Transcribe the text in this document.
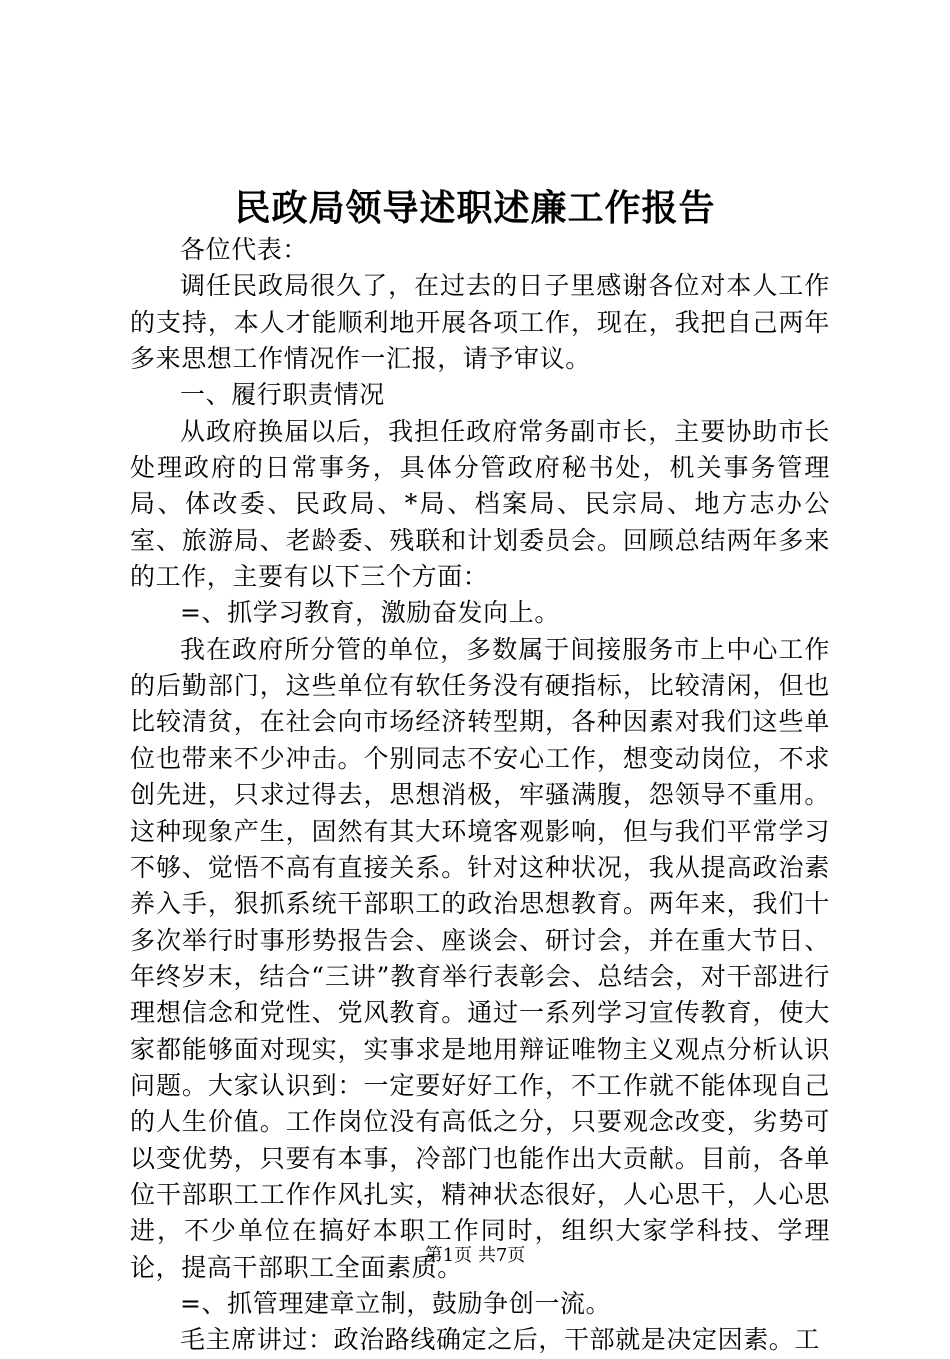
民政局领导述职述廉工作报告

各位代表：

调任民政局很久了，在过去的日子里感谢各位对本人工作的支持，本人才能顺利地开展各项工作，现在，我把自己两年多来思想工作情况作一汇报，请予审议。

一、履行职责情况

从政府换届以后，我担任政府常务副市长，主要协助市长处理政府的日常事务，具体分管政府秘书处，机关事务管理局、体改委、民政局、*局、档案局、民宗局、地方志办公室、旅游局、老龄委、残联和计划委员会。回顾总结两年多来的工作，主要有以下三个方面：

=、抓学习教育，激励奋发向上。

我在政府所分管的单位，多数属于间接服务市上中心工作的后勤部门，这些单位有软任务没有硬指标，比较清闲，但也比较清贫，在社会向市场经济转型期，各种因素对我们这些单位也带来不少冲击。个别同志不安心工作，想变动岗位，不求创先进，只求过得去，思想消极，牢骚满腹，怨领导不重用。这种现象产生，固然有其大环境客观影响，但与我们平常学习不够、觉悟不高有直接关系。针对这种状况，我从提高政治素养入手，狠抓系统干部职工的政治思想教育。两年来，我们十多次举行时事形势报告会、座谈会、研讨会，并在重大节日、年终岁末，结合“三讲”教育举行表彰会、总结会，对干部进行理想信念和党性、党风教育。通过一系列学习宣传教育，使大家都能够面对现实，实事求是地用辩证唯物主义观点分析认识问题。大家认识到：一定要好好工作，不工作就不能体现自己的人生价值。工作岗位没有高低之分，只要观念改变，劣势可以变优势，只要有本事，冷部门也能作出大贡献。目前，各单位干部职工工作作风扎实，精神状态很好，人心思干，人心思进，不少单位在搞好本职工作同时，组织大家学科技、学理论，提高干部职工全面素质。

=、抓管理建章立制，鼓励争创一流。

毛主席讲过：政治路线确定之后，干部就是决定因素。工

第1页 共7页
